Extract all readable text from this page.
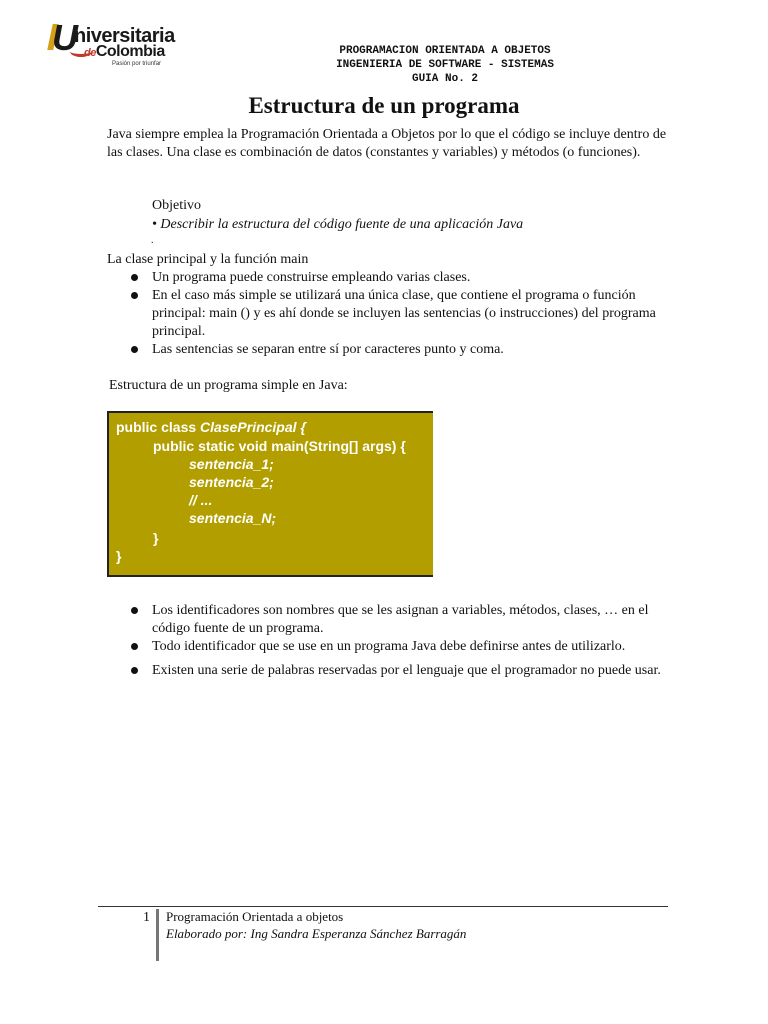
U
niversitaria
deColombia
Pasión por triunfar
PROGRAMACION ORIENTADA A OBJETOS
INGENIERIA DE SOFTWARE - SISTEMAS
GUIA No. 2
Estructura de un programa
Java siempre emplea la Programación Orientada a Objetos por lo que el código se incluye dentro de las clases. Una clase es combinación de datos (constantes y variables) y métodos (o funciones).
Objetivo
• Describir la estructura del código fuente de una aplicación Java
.
La clase principal y la función main
Un programa puede construirse empleando varias clases.
En el caso más simple se utilizará una única clase, que contiene el programa o función principal: main () y es ahí donde se incluyen las sentencias (o instrucciones) del programa principal.
Las sentencias se separan entre sí por caracteres punto y coma.
Estructura de un programa simple en Java:
public class ClasePrincipal {
public static void main(String[] args) {
sentencia_1;
sentencia_2;
// ...
sentencia_N;
}
}
Los identificadores son nombres que se les asignan a variables, métodos, clases, … en el código fuente de un programa.
Todo identificador que se use en un programa Java debe definirse antes de utilizarlo.
Existen una serie de palabras reservadas por el lenguaje que el programador no puede usar.
1 Programación Orientada a objetos
Elaborado por: Ing Sandra Esperanza Sánchez Barragán
